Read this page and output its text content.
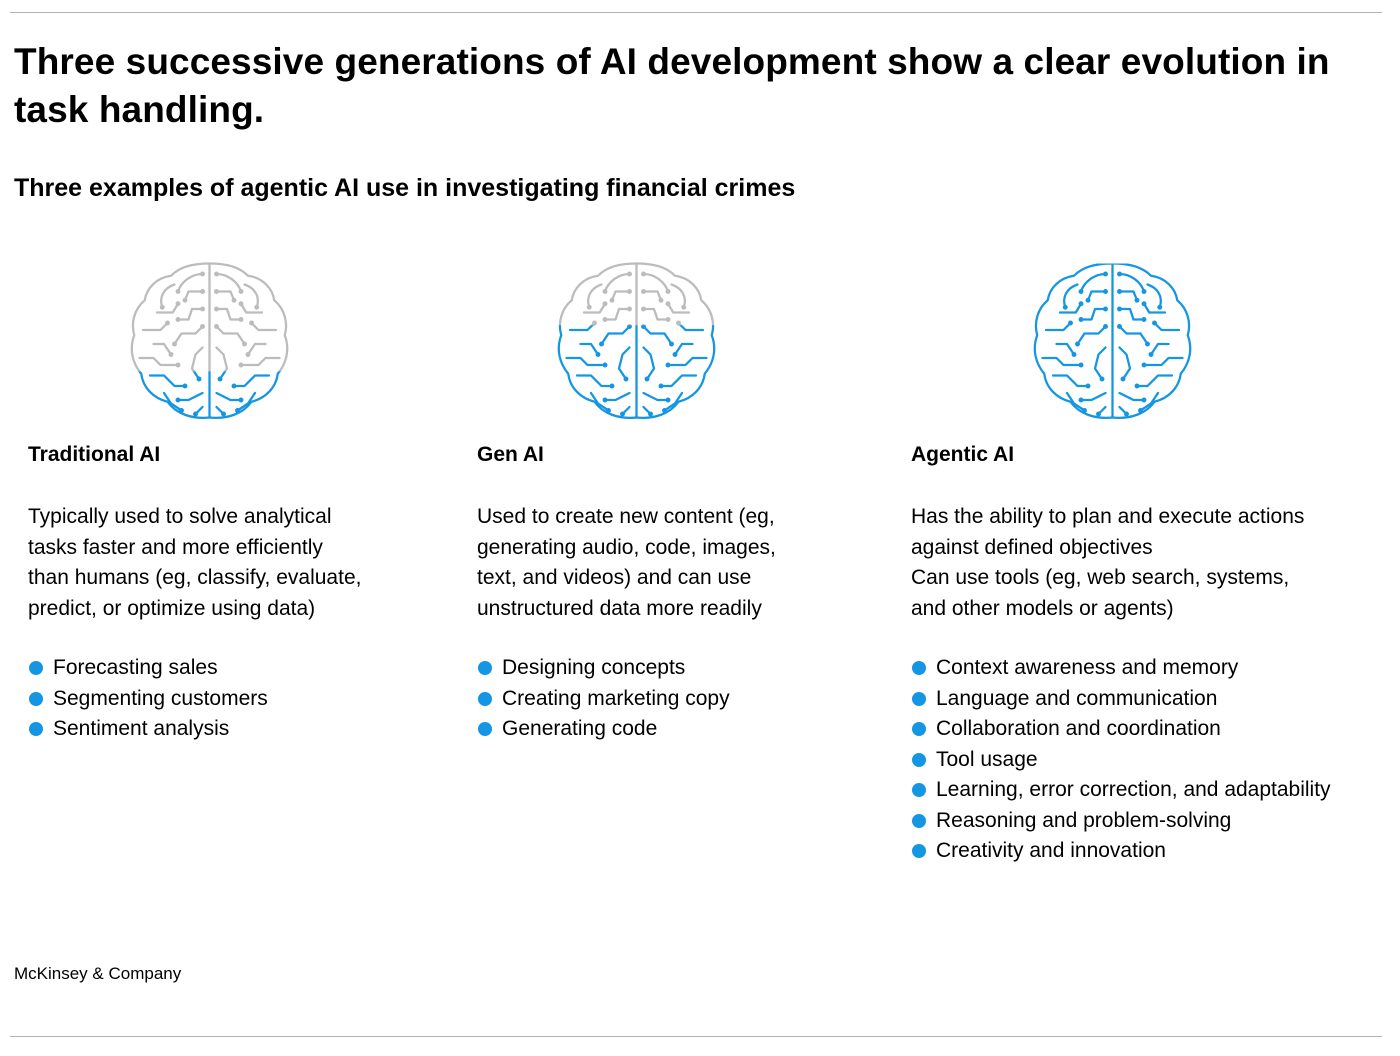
Three successive generations of AI development show a clear evolution in task handling.
Three examples of agentic AI use in investigating financial crimes
Traditional AI
Typically used to solve analytical
tasks faster and more efficiently
than humans (eg, classify, evaluate,
predict, or optimize using data)
Forecasting sales
Segmenting customers
Sentiment analysis
Gen AI
Used to create new content (eg,
generating audio, code, images,
text, and videos) and can use
unstructured data more readily
Designing concepts
Creating marketing copy
Generating code
Agentic AI
Has the ability to plan and execute actions
against defined objectives
Can use tools (eg, web search, systems,
and other models or agents)
Context awareness and memory
Language and communication
Collaboration and coordination
Tool usage
Learning, error correction, and adaptability
Reasoning and problem-solving
Creativity and innovation

McKinsey & Company
